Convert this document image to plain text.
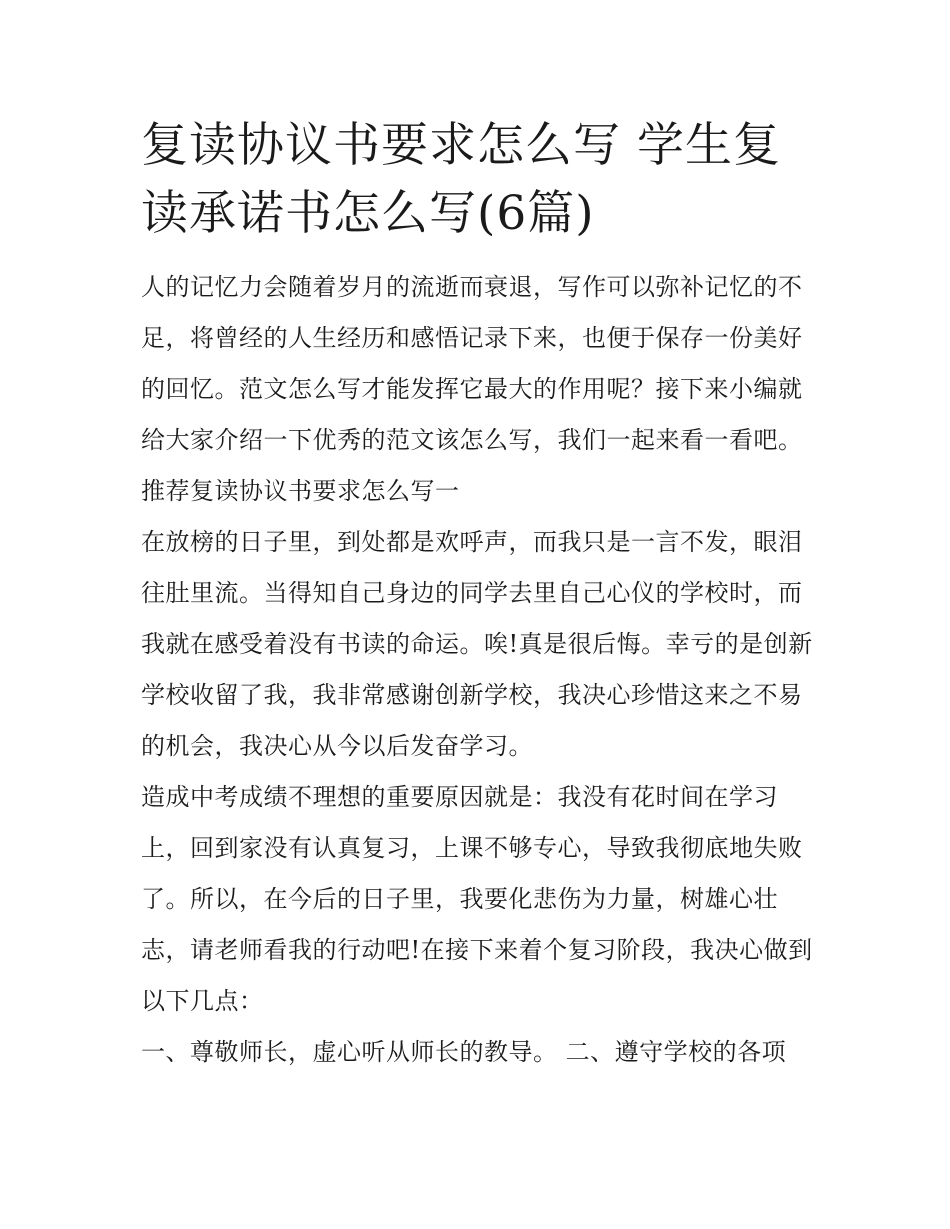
复读协议书要求怎么写 学生复读承诺书怎么写(6篇)

人的记忆力会随着岁月的流逝而衰退，写作可以弥补记忆的不足，将曾经的人生经历和感悟记录下来，也便于保存一份美好的回忆。范文怎么写才能发挥它最大的作用呢？接下来小编就给大家介绍一下优秀的范文该怎么写，我们一起来看一看吧。

推荐复读协议书要求怎么写一

在放榜的日子里，到处都是欢呼声，而我只是一言不发，眼泪往肚里流。当得知自己身边的同学去里自己心仪的学校时，而我就在感受着没有书读的命运。唉!真是很后悔。幸亏的是创新学校收留了我，我非常感谢创新学校，我决心珍惜这来之不易的机会，我决心从今以后发奋学习。

造成中考成绩不理想的重要原因就是：我没有花时间在学习上，回到家没有认真复习，上课不够专心，导致我彻底地失败了。所以，在今后的日子里，我要化悲伤为力量，树雄心壮志，请老师看我的行动吧!在接下来着个复习阶段，我决心做到以下几点：

一、尊敬师长，虚心听从师长的教导。 二、遵守学校的各项
